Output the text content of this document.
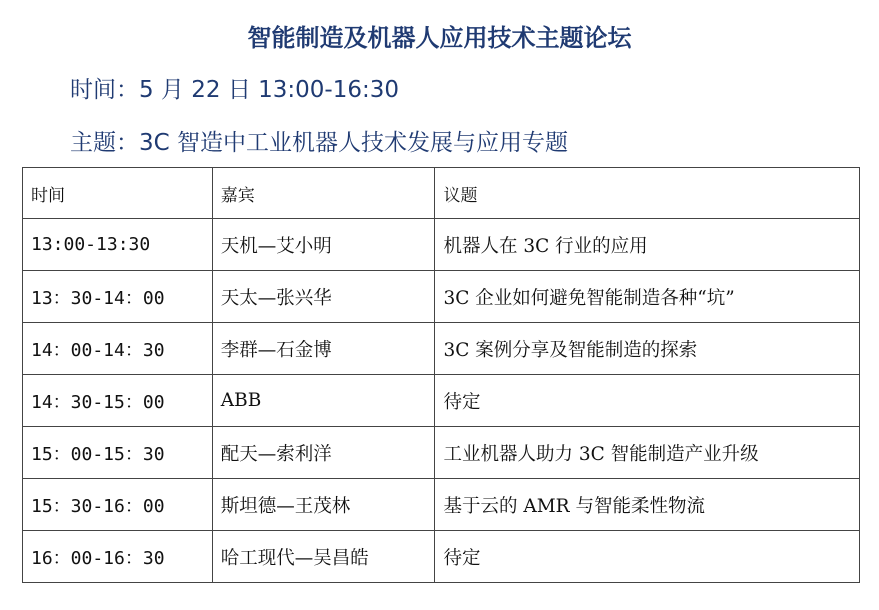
智能制造及机器人应用技术主题论坛
时间：5 月 22 日 13:00-16:30
主题：3C 智造中工业机器人技术发展与应用专题
时间	嘉宾	议题
13:00-13:30	天机—艾小明	机器人在 3C 行业的应用
13：30-14：00	天太—张兴华	3C 企业如何避免智能制造各种“坑”
14：00-14：30	李群—石金博	3C 案例分享及智能制造的探索
14：30-15：00	ABB	待定
15：00-15：30	配天—索利洋	工业机器人助力 3C 智能制造产业升级
15：30-16：00	斯坦德—王茂林	基于云的 AMR 与智能柔性物流
16：00-16：30	哈工现代—吴昌皓	待定
